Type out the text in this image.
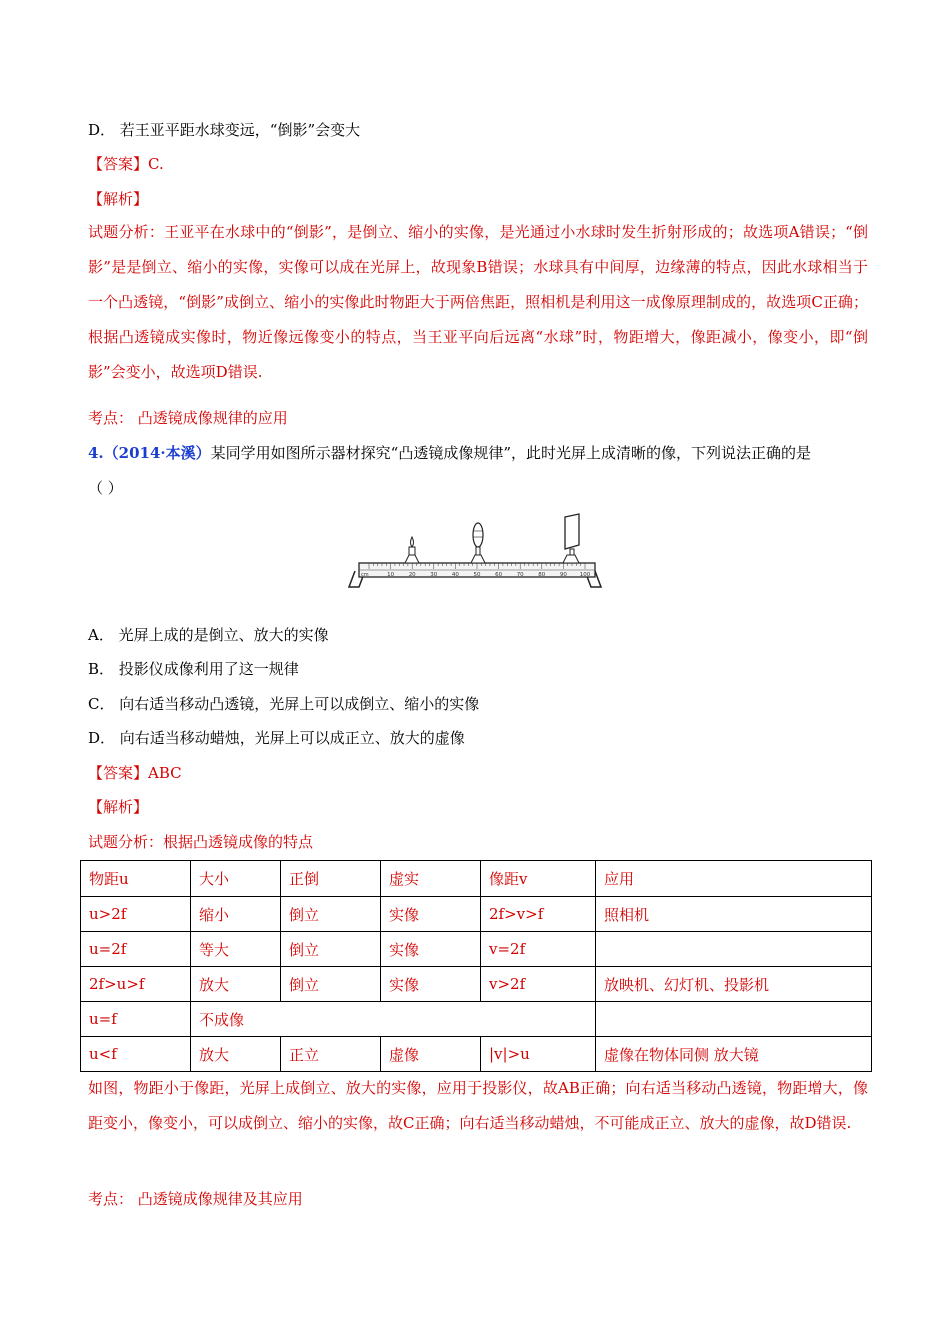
D． 若王亚平距水球变远，“倒影”会变大
【答案】C.
【解析】
试题分析：王亚平在水球中的“倒影”，是倒立、缩小的实像，是光通过小水球时发生折射形成的；故选项A错误；“倒影”是是倒立、缩小的实像，实像可以成在光屏上，故现象B错误；水球具有中间厚，边缘薄的特点，因此水球相当于一个凸透镜，“倒影”成倒立、缩小的实像此时物距大于两倍焦距，照相机是利用这一成像原理制成的，故选项C正确；根据凸透镜成实像时，物近像远像变小的特点，当王亚平向后远离“水球”时，物距增大，像距减小，像变小，即“倒影”会变小，故选项D错误.
考点： 凸透镜成像规律的应用
4.（2014·本溪）某同学用如图所示器材探究“凸透镜成像规律”，此时光屏上成清晰的像，下列说法正确的是
（ ）
cm	10	20	30	40	50	60	70	80	90 100
A． 光屏上成的是倒立、放大的实像
B． 投影仪成像利用了这一规律
C． 向右适当移动凸透镜，光屏上可以成倒立、缩小的实像
D． 向右适当移动蜡烛，光屏上可以成正立、放大的虚像
【答案】ABC
【解析】
试题分析：根据凸透镜成像的特点
物距u	大小	正倒	虚实	像距v	应用
u>2f	缩小	倒立	实像	2f>v>f	照相机
u=2f	等大	倒立	实像	v=2f	
2f>u>f	放大	倒立	实像	v>2f	放映机、幻灯机、投影机
u=f	不成像				
u<f	放大	正立	虚像	|v|>u	虚像在物体同侧 放大镜
如图，物距小于像距，光屏上成倒立、放大的实像，应用于投影仪，故AB正确；向右适当移动凸透镜，物距增大，像距变小，像变小，可以成倒立、缩小的实像，故C正确；向右适当移动蜡烛，不可能成正立、放大的虚像，故D错误.
考点： 凸透镜成像规律及其应用
